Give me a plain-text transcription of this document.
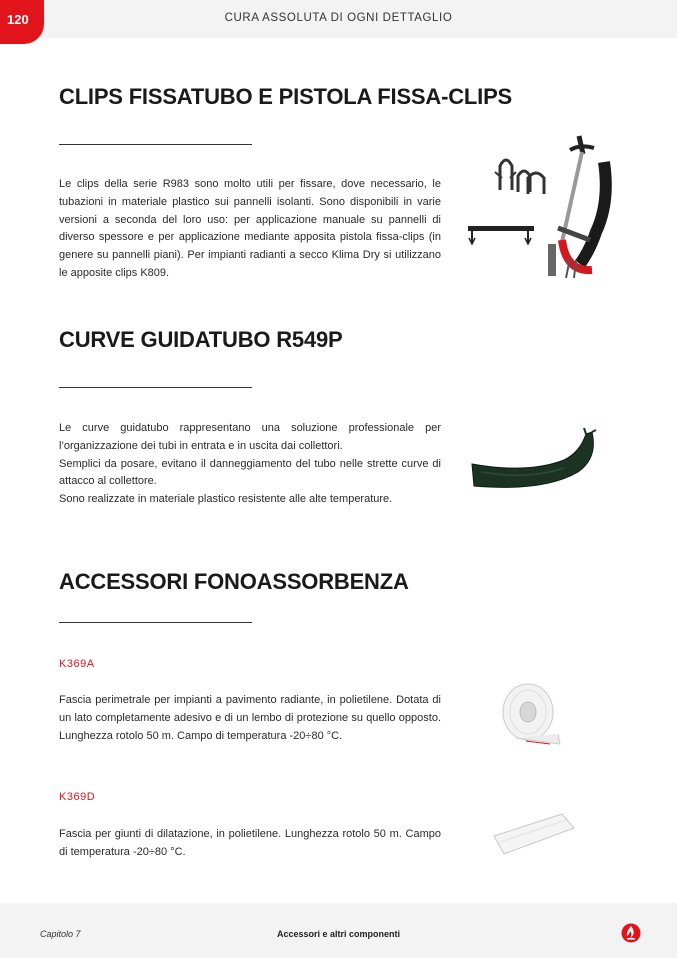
120	CURA ASSOLUTA DI OGNI DETTAGLIO
CLIPS FISSATUBO E PISTOLA FISSA-CLIPS

Le clips della serie R983 sono molto utili per fissare, dove necessario, le tubazioni in materiale plastico sui pannelli isolanti. Sono disponibili in varie versioni a seconda del loro uso: per applicazione manuale su pannelli di diverso spessore e per applicazione mediante apposita pistola fissa-clips (in genere su pannelli piani). Per impianti radianti a secco Klima Dry si utilizzano le apposite clips K809.

CURVE GUIDATUBO R549P

Le curve guidatubo rappresentano una soluzione professionale per l’organizzazione dei tubi in entrata e in uscita dai collettori.
Semplici da posare, evitano il danneggiamento del tubo nelle strette curve di attacco al collettore.
Sono realizzate in materiale plastico resistente alle alte temperature.

ACCESSORI FONOASSORBENZA
K369A

Fascia perimetrale per impianti a pavimento radiante, in polietilene. Dotata di un lato completamente adesivo e di un lembo di protezione su quello opposto. Lunghezza rotolo 50 m. Campo di temperatura -20÷80 °C.

K369D

Fascia per giunti di dilatazione, in polietilene. Lunghezza rotolo 50 m. Campo di temperatura -20÷80 °C.

Capitolo 7	Accessori e altri componenti
